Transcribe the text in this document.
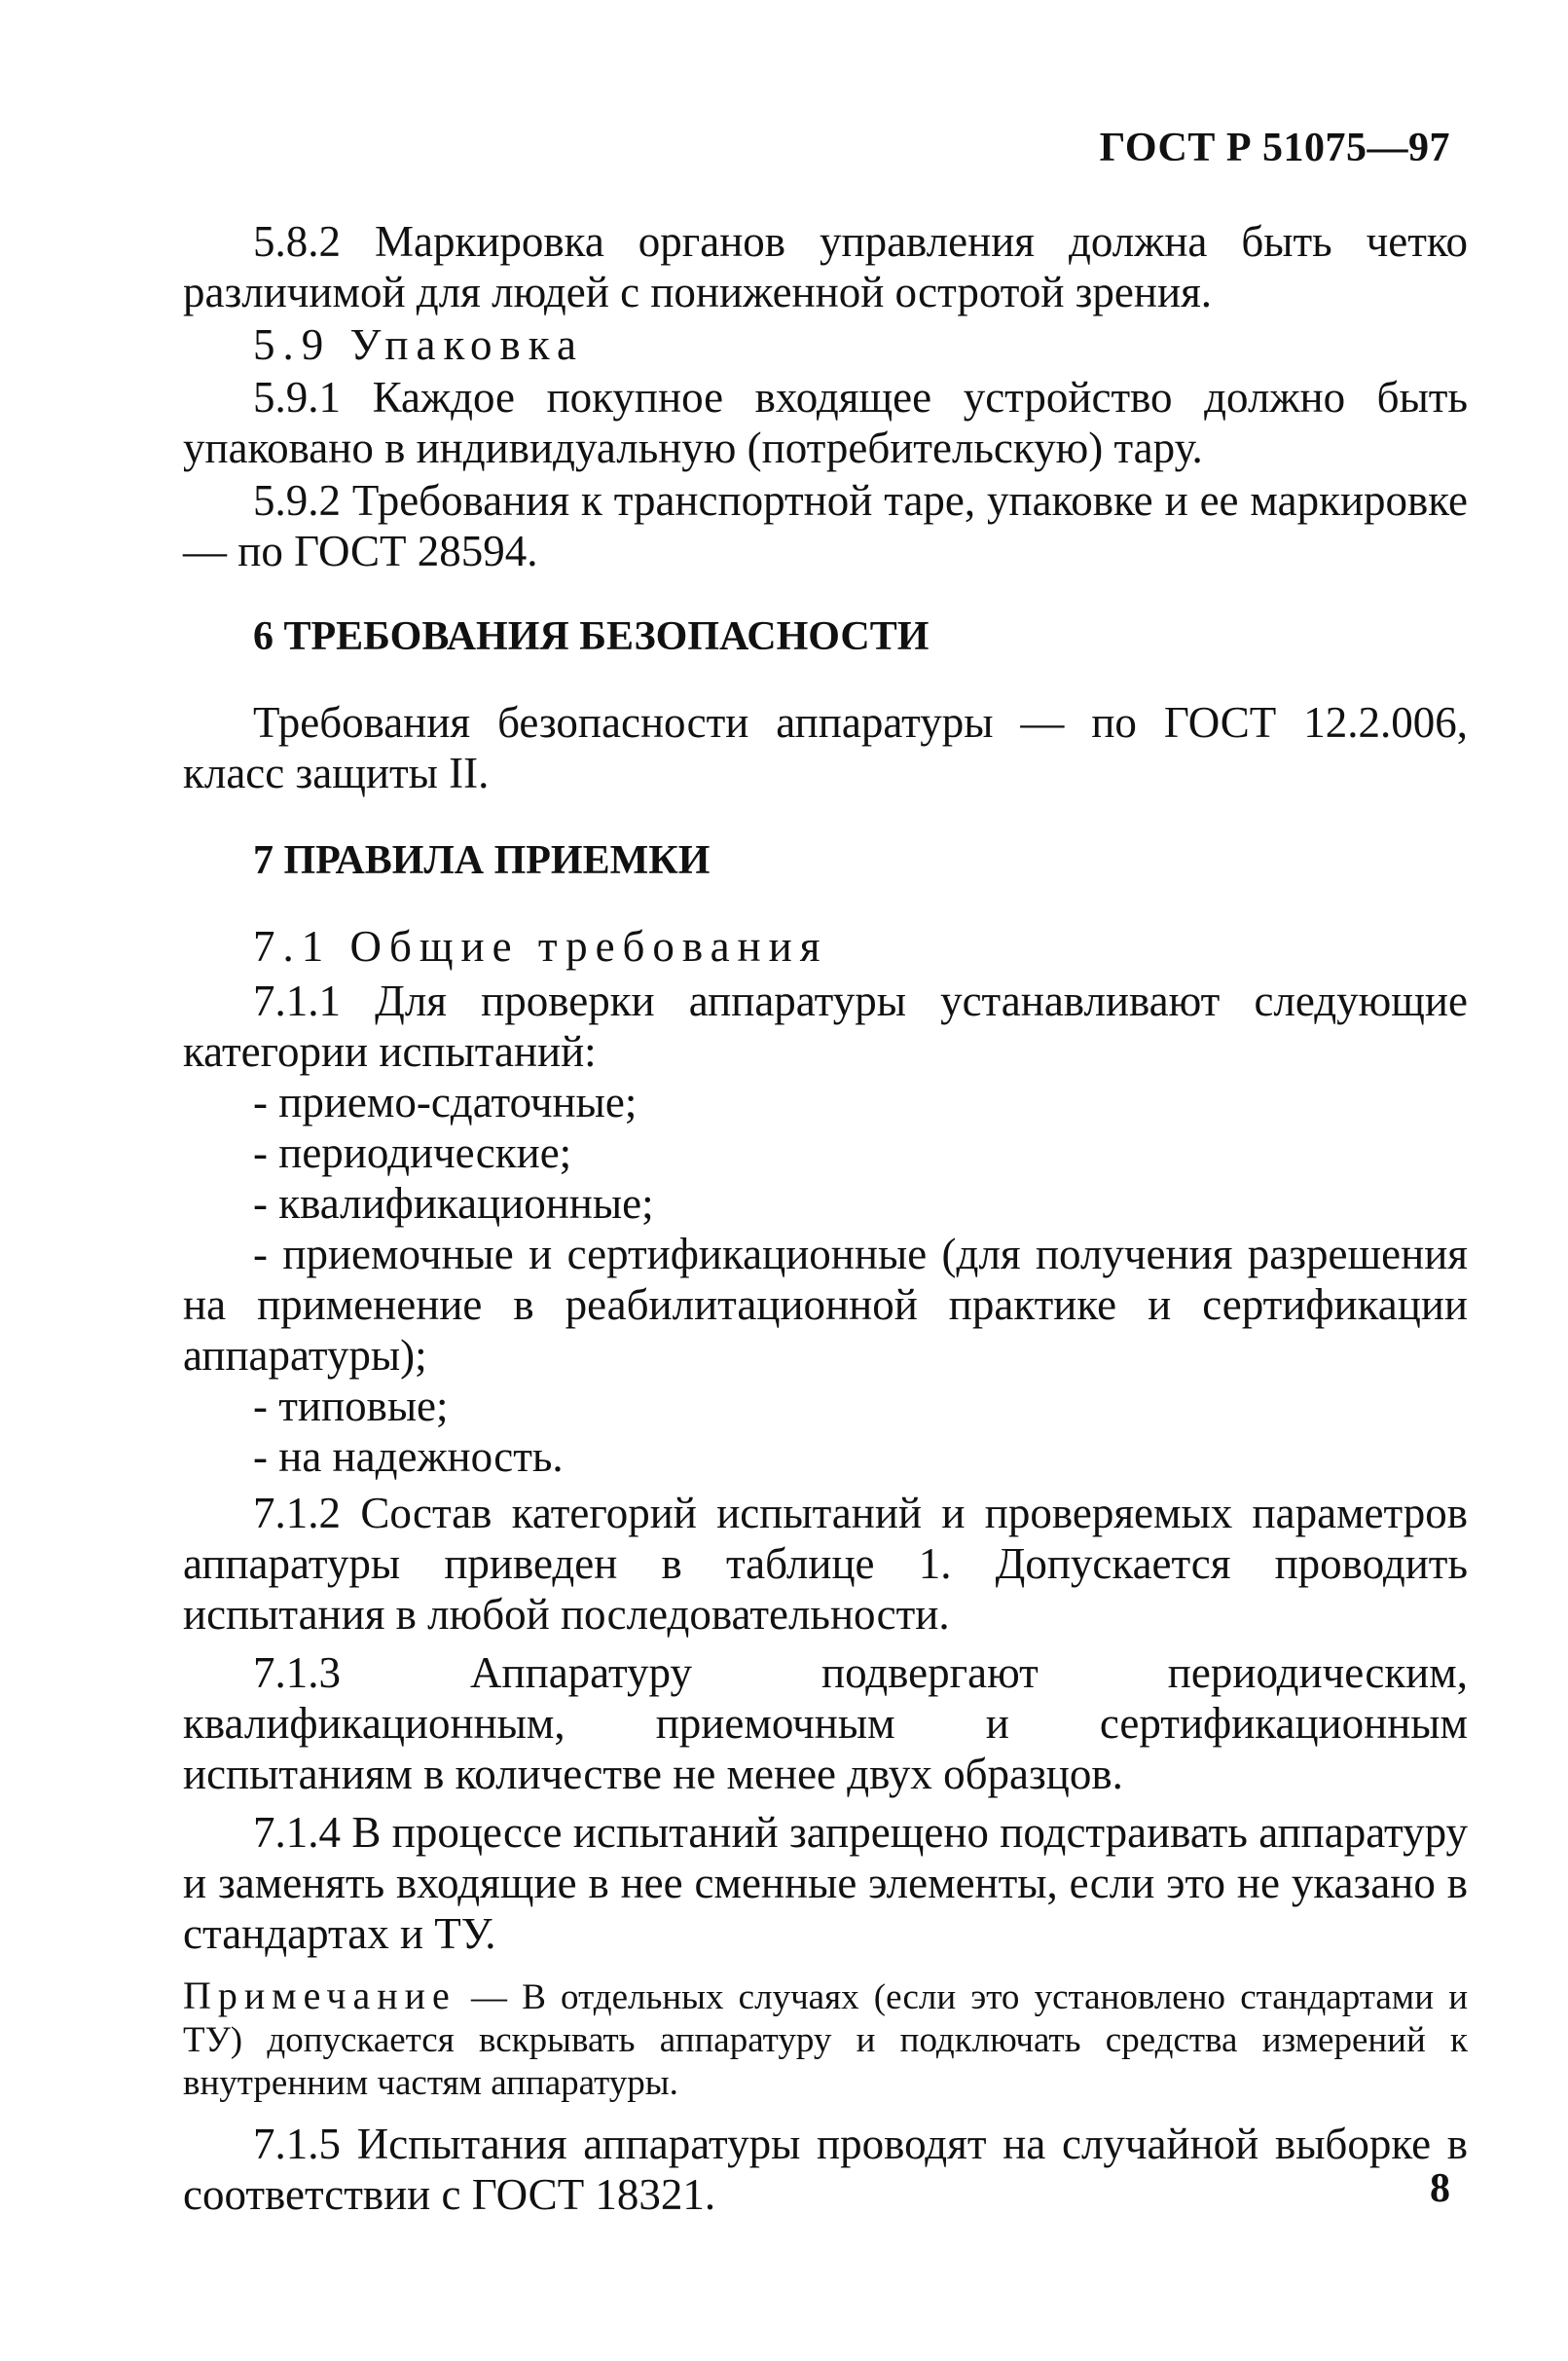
ГОСТ Р 51075—97

5.8.2 Маркировка органов управления должна быть четко различимой для людей с пониженной остротой зрения.

5.9 Упаковка

5.9.1 Каждое покупное входящее устройство должно быть упаковано в индивидуальную (потребительскую) тару.

5.9.2 Требования к транспортной таре, упаковке и ее маркировке — по ГОСТ 28594.

6 ТРЕБОВАНИЯ БЕЗОПАСНОСТИ

Требования безопасности аппаратуры — по ГОСТ 12.2.006, класс защиты II.

7 ПРАВИЛА ПРИЕМКИ

7.1 Общие требования

7.1.1 Для проверки аппаратуры устанавливают следующие категории испытаний:

- приемо-сдаточные;

- периодические;

- квалификационные;

- приемочные и сертификационные (для получения разрешения на применение в реабилитационной практике и сертификации аппаратуры);

- типовые;

- на надежность.

7.1.2 Состав категорий испытаний и проверяемых параметров аппаратуры приведен в таблице 1. Допускается проводить испытания в любой последовательности.

7.1.3 Аппаратуру подвергают периодическим, квалификационным, приемочным и сертификационным испытаниям в количестве не менее двух образцов.

7.1.4 В процессе испытаний запрещено подстраивать аппаратуру и заменять входящие в нее сменные элементы, если это не указано в стандартах и ТУ.

Примечание — В отдельных случаях (если это установлено стандартами и ТУ) допускается вскрывать аппаратуру и подключать средства измерений к внутренним частям аппаратуры.

7.1.5 Испытания аппаратуры проводят на случайной выборке в соответствии с ГОСТ 18321.	8
